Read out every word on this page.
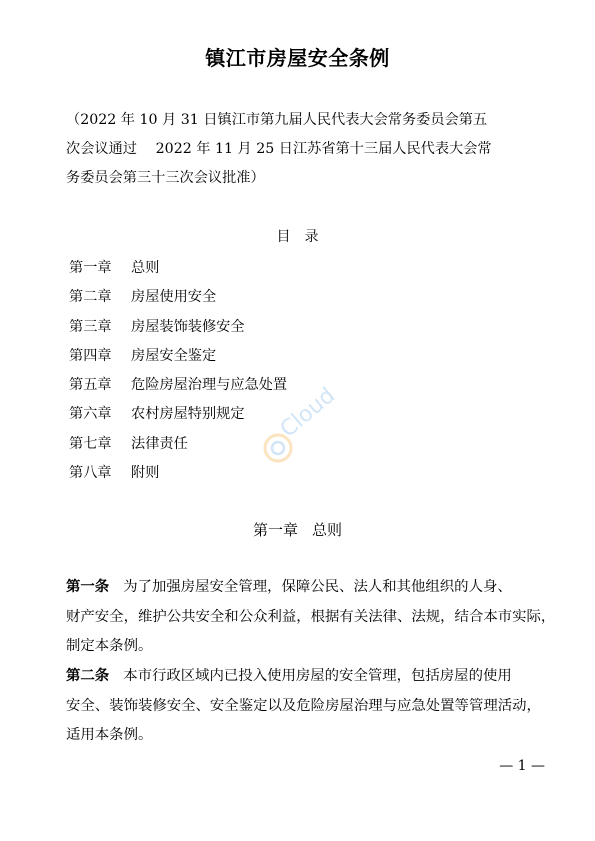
镇江市房屋安全条例
（2022 年 10 月 31 日镇江市第九届人民代表大会常务委员会第五
次会议通过　 2022 年 11 月 25 日江苏省第十三届人民代表大会常
务委员会第三十三次会议批准）
目录
第一章 总则
第二章 房屋使用安全
第三章 房屋装饰装修安全
第四章 房屋安全鉴定
第五章 危险房屋治理与应急处置
第六章 农村房屋特别规定
第七章 法律责任
第八章 附则
第一章 总则
第一条 为了加强房屋安全管理，保障公民、法人和其他组织的人身、
财产安全，维护公共安全和公众利益，根据有关法律、法规，结合本市实际，
制定本条例。
第二条 本市行政区域内已投入使用房屋的安全管理，包括房屋的使用
安全、装饰装修安全、安全鉴定以及危险房屋治理与应急处置等管理活动，
适用本条例。
— 1 —
Cloud
